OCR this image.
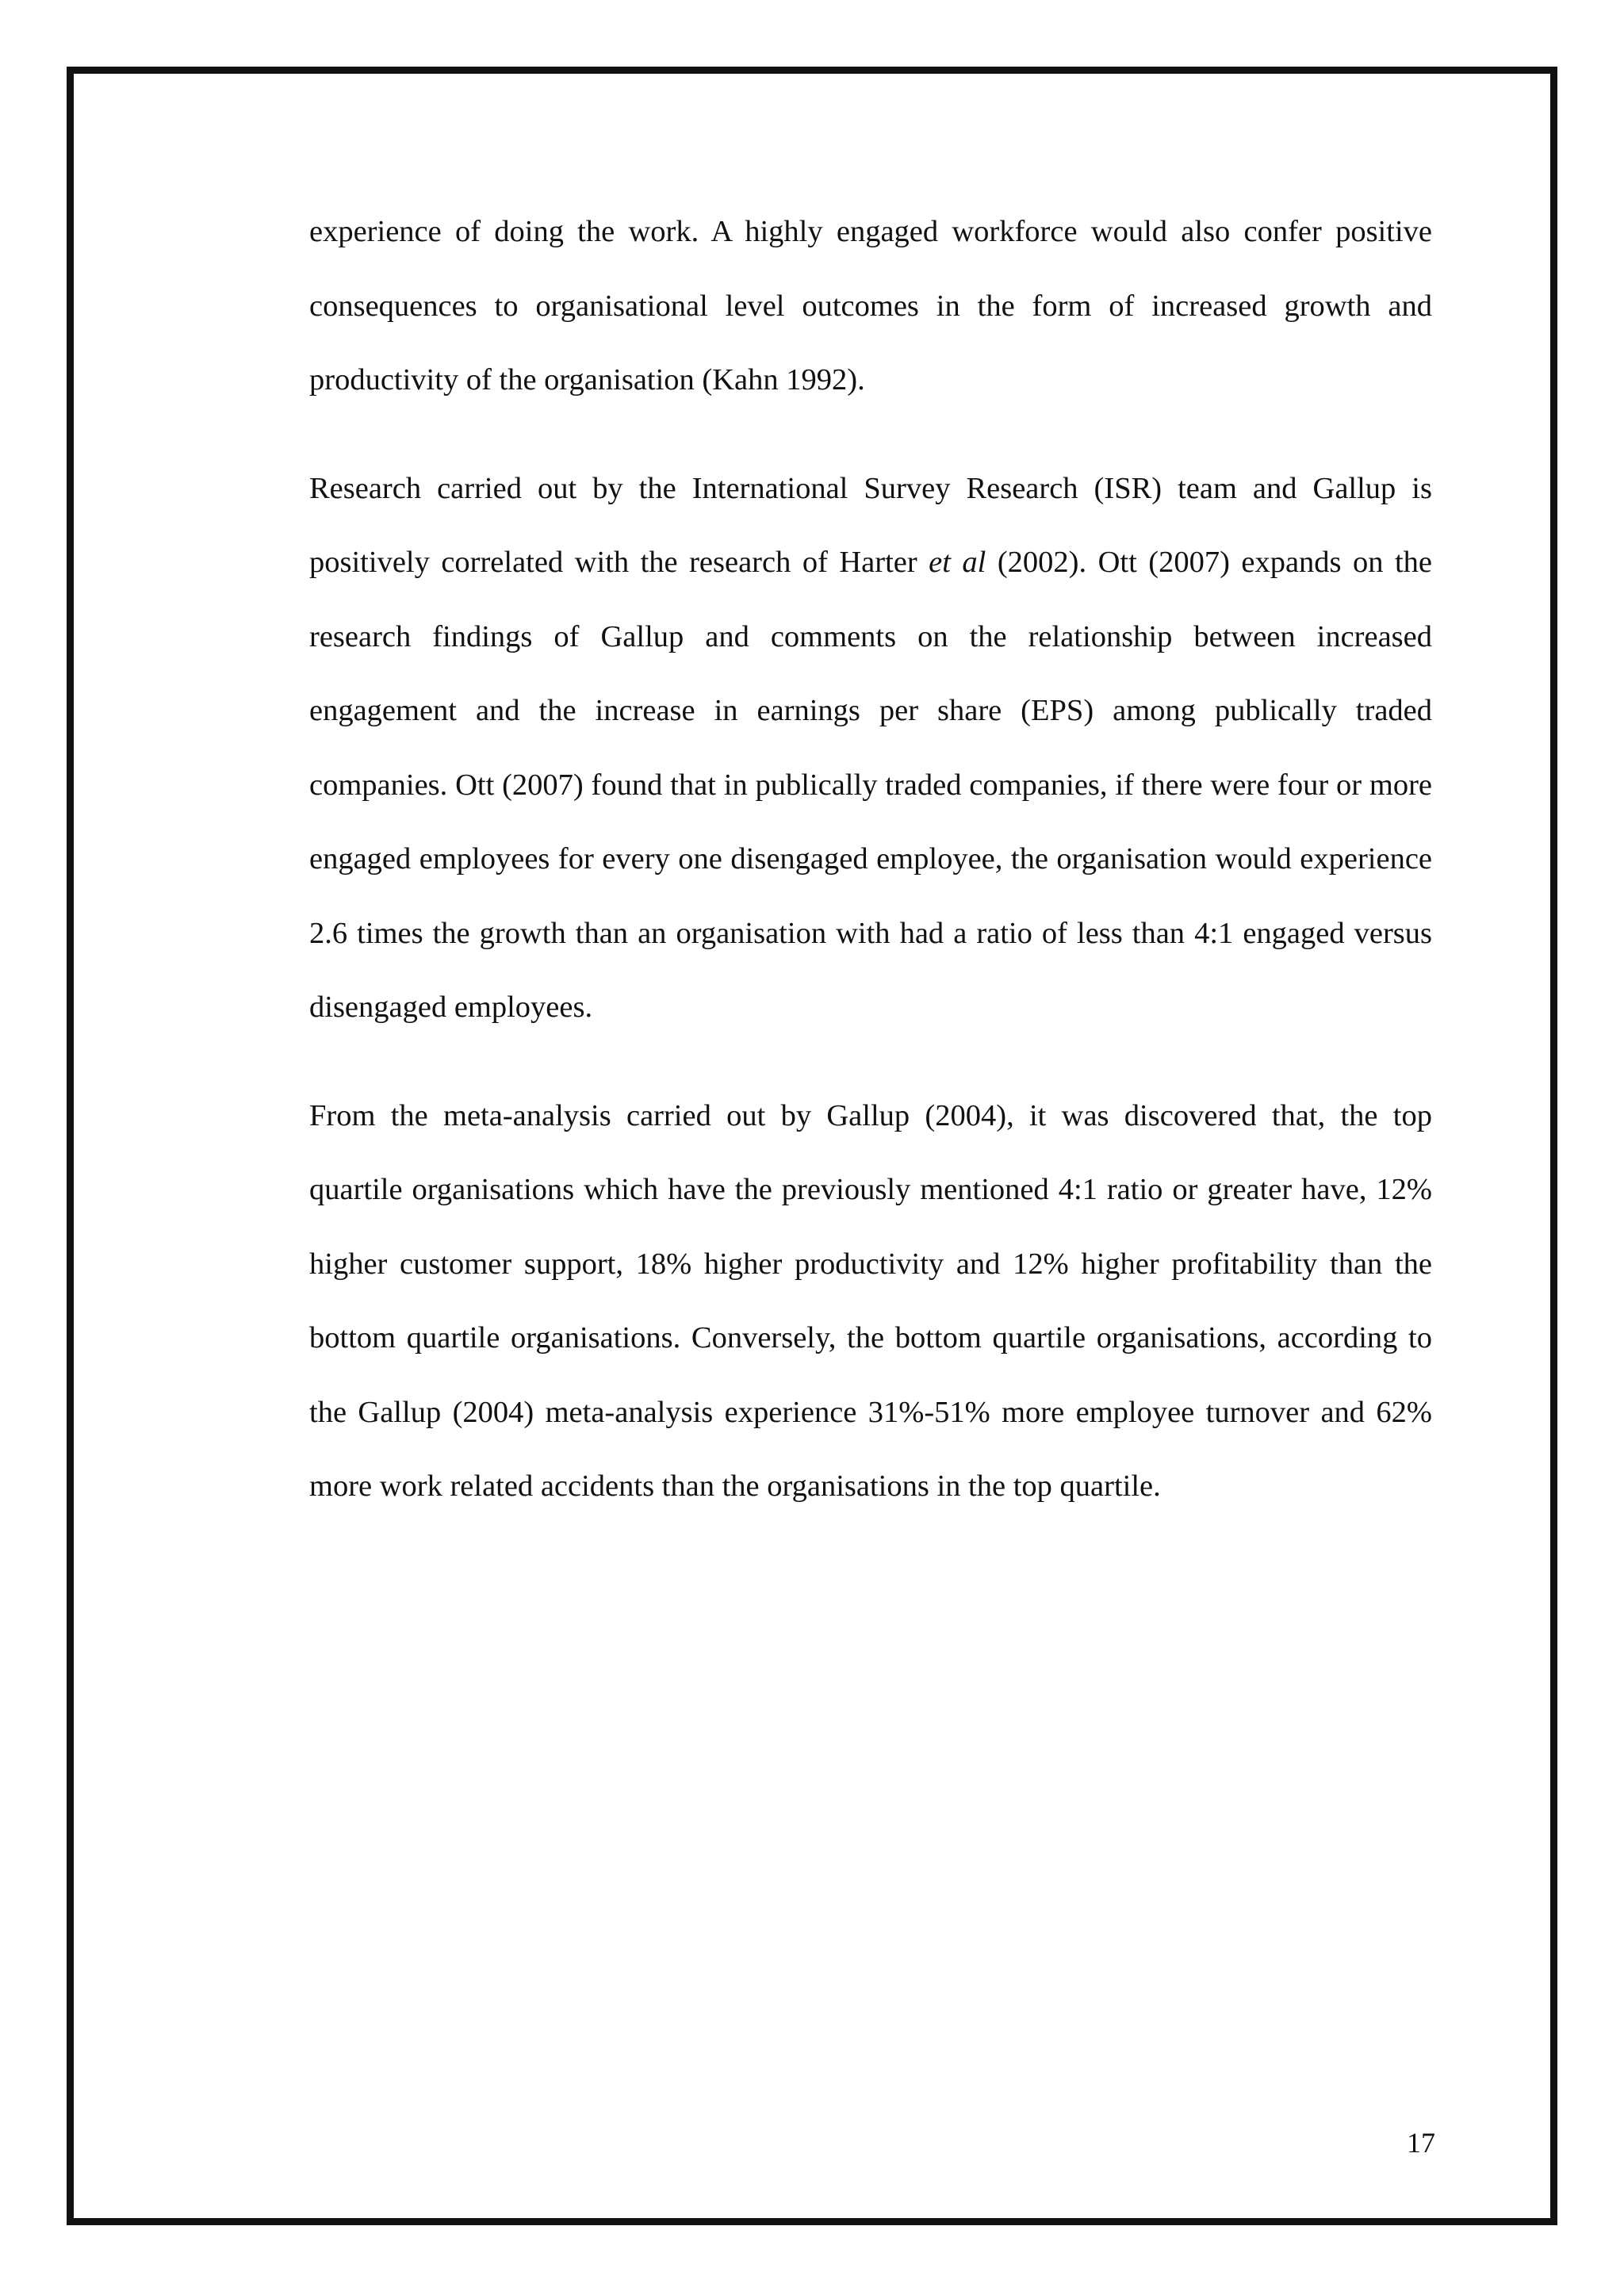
experience of doing the work. A highly engaged workforce would also confer positive consequences to organisational level outcomes in the form of increased growth and productivity of the organisation (Kahn 1992).

Research carried out by the International Survey Research (ISR) team and Gallup is positively correlated with the research of Harter et al (2002). Ott (2007) expands on the research findings of Gallup and comments on the relationship between increased engagement and the increase in earnings per share (EPS) among publically traded companies. Ott (2007) found that in publically traded companies, if there were four or more engaged employees for every one disengaged employee, the organisation would experience 2.6 times the growth than an organisation with had a ratio of less than 4:1 engaged versus disengaged employees.

From the meta-analysis carried out by Gallup (2004), it was discovered that, the top quartile organisations which have the previously mentioned 4:1 ratio or greater have, 12% higher customer support, 18% higher productivity and 12% higher profitability than the bottom quartile organisations. Conversely, the bottom quartile organisations, according to the Gallup (2004) meta-analysis experience 31%-51% more employee turnover and 62% more work related accidents than the organisations in the top quartile.

17
